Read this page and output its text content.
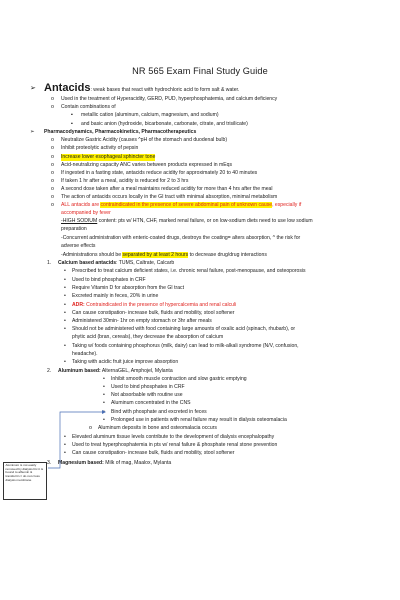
NR 565 Exam Final Study Guide
➢ Antacids: weak bases that react with hydrochloric acid to form salt & water.
o Used in the treatment of Hyperacidity, GERD, PUD, hyperphosphatemia, and calcium deficiency
o Contain combinations of
▪ metallic cation (aluminum, calcium, magnesium, and sodium)
▪ and basic anion (hydroxide, bicarbonate, carbonate, citrate, and trisilicate)
➢ Pharmacodynamics, Pharmacokinetics, Pharmacotherapeutics
o Neutralize Gastric Acidity (causes ^pH of the stomach and duodenal bulb)
o Inhibit proteolytic activity of pepsin
o Increase lower esophageal sphincter tone
o Acid-neutralizing capacity ANC varies between products expressed in mEqs
o If ingested in a fasting state, antacids reduce acidity for approximately 20 to 40 minutes
o If taken 1 hr after a meal, acidity is reduced for 2 to 3 hrs
o A second dose taken after a meal maintains reduced acidity for more than 4 hrs after the meal
o The action of antacids occurs locally in the GI tract with minimal absorption, minimal metabolism
o ALL antacids are contraindicated in the presence of severe abdominal pain of unknown cause, especially if
accompanied by fever
-HIGH SODIUM content: pts w/ HTN, CHF, marked renal failure, or on low-sodium diets need to use low sodium
preparation
-Concurrent administration with enteric-coated drugs, destroys the coating= alters absorption, ^ the risk for
adverse effects
-Administrations should be separated by at least 2 hours to decrease drug/drug interactions
1. Calcium based antacids: TUMS, Caltrate, Calcarb
• Prescribed to treat calcium deficient states, i.e. chronic renal failure, post-menopause, and osteoporosis
• Used to bind phosphates in CRF
• Require Vitamin D for absorption from the GI tract
• Excreted mainly in feces, 20% in urine
• ADR: Contraindicated in the presence of hypercalcemia and renal calculi
• Can cause constipation- increase bulk, fluids and mobility, stool softener
• Administered 30min- 1hr on empty stomach or 3hr after meals
• Should not be administered with food containing large amounts of oxalic acid (spinach, rhubarb), or
phytic acid (bran, cereals), they decrease the absorption of calcium
• Taking w/ foods containing phosphorus (milk, dairy) can lead to milk-alkali syndrome (N/V, confusion,
headache).
• Taking with acidic fruit juice improve absorption
2. Aluminum based: AlternaGEL, Amphojel, Mylanta
• Inhibit smooth muscle contraction and slow gastric emptying
• Used to bind phosphates in CRF
• Not absorbable with routine use
• Aluminum concentrated in the CNS
Bind with phosphate and excreted in feces
• Prolonged use in patients with renal failure may result in dialysis osteomalacia
o Aluminum deposits in bone and osteomalacia occurs
• Elevated aluminum tissue levels contribute to the development of dialysis encephalopathy
• Used to treat hyperphosphatemia in pts w/ renal failure & phosphate renal stone prevention
• Can cause constipation- increase bulk, fluids and mobility, stool softener
3. Magnesium based: Milk of mag, Maalox, Mylanta
Aluminum is not easily removed by dialysis b/c it is bound to albumin & transferrin = do not cross dialysis membrane
